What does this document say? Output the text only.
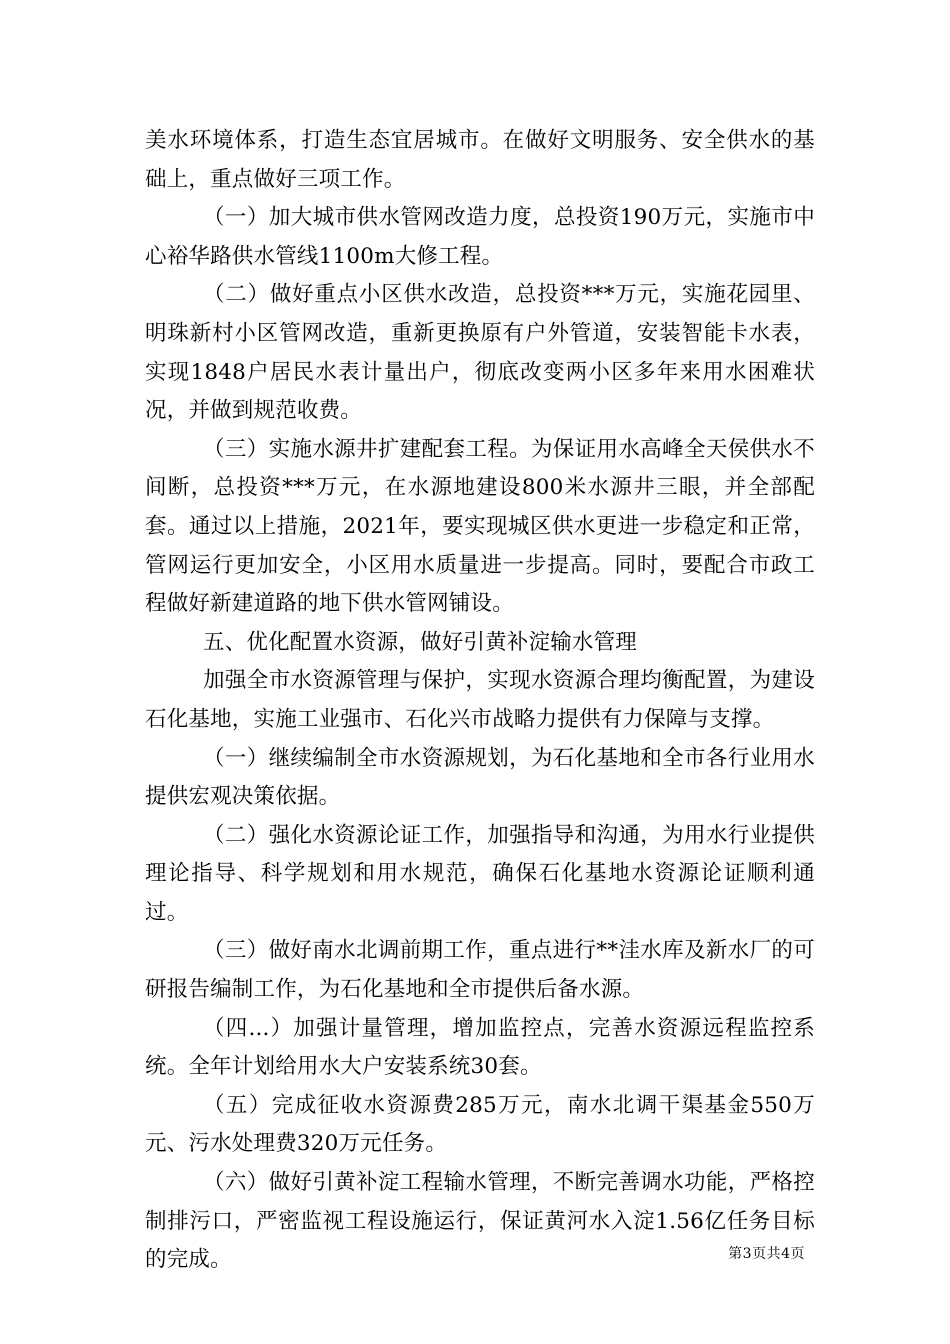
美水环境体系，打造生态宜居城市。在做好文明服务、安全供水的基础上，重点做好三项工作。

（一）加大城市供水管网改造力度，总投资190万元，实施市中心裕华路供水管线1100m大修工程。

（二）做好重点小区供水改造，总投资***万元，实施花园里、明珠新村小区管网改造，重新更换原有户外管道，安装智能卡水表，实现1848户居民水表计量出户，彻底改变两小区多年来用水困难状况，并做到规范收费。

（三）实施水源井扩建配套工程。为保证用水高峰全天侯供水不间断，总投资***万元，在水源地建设800米水源井三眼，并全部配套。通过以上措施，2021年，要实现城区供水更进一步稳定和正常，管网运行更加安全，小区用水质量进一步提高。同时，要配合市政工程做好新建道路的地下供水管网铺设。

五、优化配置水资源，做好引黄补淀输水管理

加强全市水资源管理与保护，实现水资源合理均衡配置，为建设石化基地，实施工业强市、石化兴市战略力提供有力保障与支撑。

（一）继续编制全市水资源规划，为石化基地和全市各行业用水提供宏观决策依据。

（二）强化水资源论证工作，加强指导和沟通，为用水行业提供理论指导、科学规划和用水规范，确保石化基地水资源论证顺利通过。

（三）做好南水北调前期工作，重点进行**洼水库及新水厂的可研报告编制工作，为石化基地和全市提供后备水源。

（四...）加强计量管理，增加监控点，完善水资源远程监控系统。全年计划给用水大户安装系统30套。

（五）完成征收水资源费285万元，南水北调干渠基金550万元、污水处理费320万元任务。

（六）做好引黄补淀工程输水管理，不断完善调水功能，严格控制排污口，严密监视工程设施运行，保证黄河水入淀1.56亿任务目标的完成。	第3页共4页
